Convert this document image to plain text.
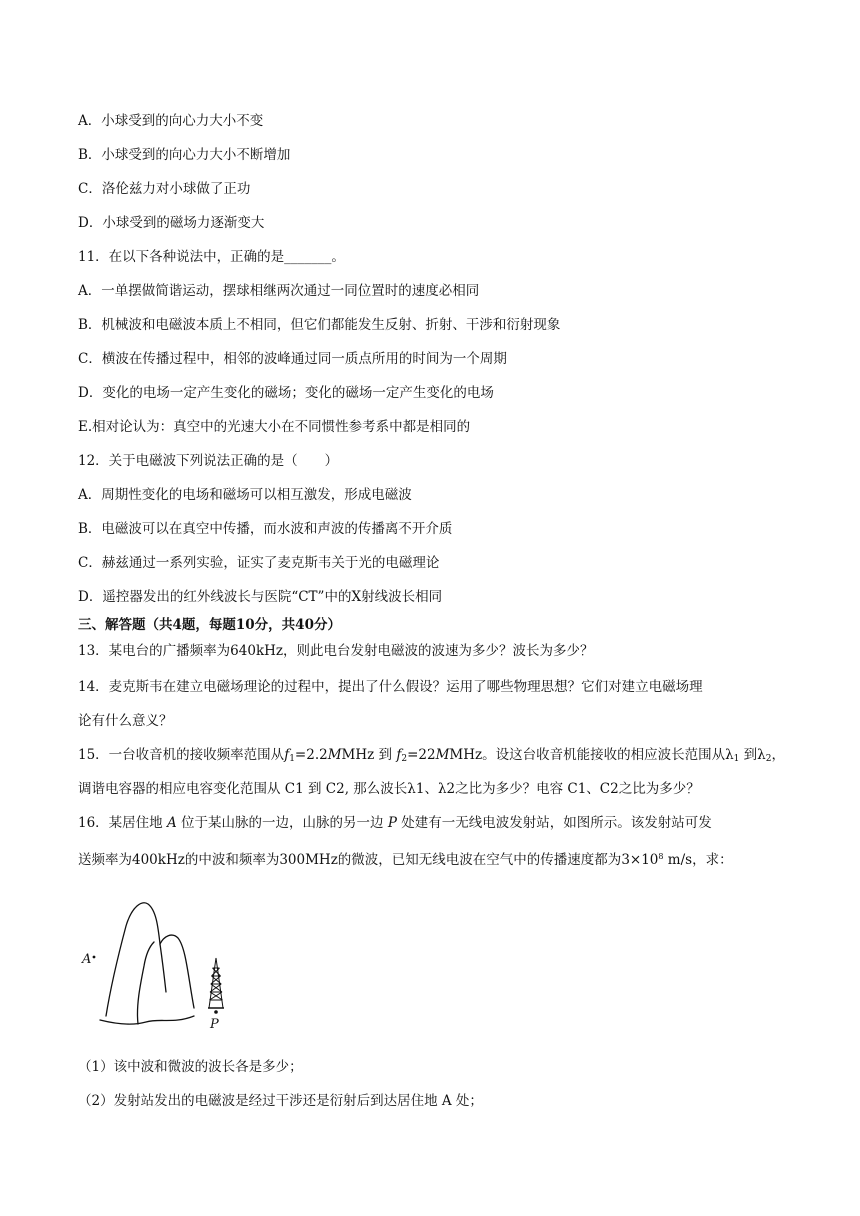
A．小球受到的向心力大小不变
B．小球受到的向心力大小不断增加
C．洛伦兹力对小球做了正功
D．小球受到的磁场力逐渐变大
11．在以下各种说法中，正确的是_______。
A．一单摆做简谐运动，摆球相继两次通过一同位置时的速度必相同
B．机械波和电磁波本质上不相同，但它们都能发生反射、折射、干涉和衍射现象
C．横波在传播过程中，相邻的波峰通过同一质点所用的时间为一个周期
D．变化的电场一定产生变化的磁场；变化的磁场一定产生变化的电场
E.相对论认为：真空中的光速大小在不同惯性参考系中都是相同的
12．关于电磁波下列说法正确的是（　　）
A．周期性变化的电场和磁场可以相互激发，形成电磁波
B．电磁波可以在真空中传播，而水波和声波的传播离不开介质
C．赫兹通过一系列实验，证实了麦克斯韦关于光的电磁理论
D．遥控器发出的红外线波长与医院“CT”中的X射线波长相同
三、解答题（共4题，每题10分，共40分）
13．某电台的广播频率为640kHz，则此电台发射电磁波的波速为多少？波长为多少？
14．麦克斯韦在建立电磁场理论的过程中，提出了什么假设？运用了哪些物理思想？它们对建立电磁场理
论有什么意义？
15．一台收音机的接收频率范围从$f_1=2.2MMHz$ 到 $f_2=22MMHz$。设这台收音机能接收的相应波长范围从$\lambda_1$ 到$\lambda_2$，
调谐电容器的相应电容变化范围从 C1 到 C2, 那么波长λ1、λ2之比为多少？电容 C1、C2之比为多少？
16．某居住地 A 位于某山脉的一边，山脉的另一边 P 处建有一无线电波发射站，如图所示。该发射站可发
送频率为400kHz的中波和频率为300MHz的微波，已知无线电波在空气中的传播速度都为$3\times 10^8$ m/s，求：
A
P
（1）该中波和微波的波长各是多少；
（2）发射站发出的电磁波是经过干涉还是衍射后到达居住地 A 处；
